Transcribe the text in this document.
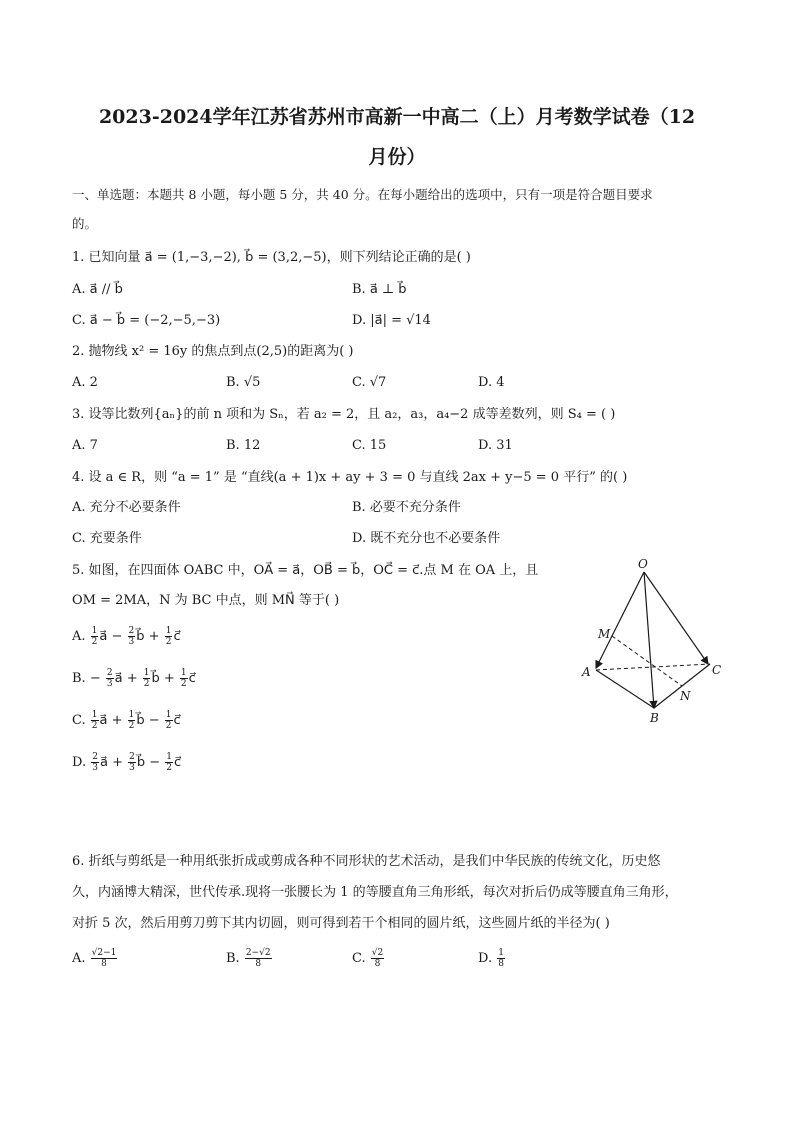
2023-2024学年江苏省苏州市高新一中高二（上）月考数学试卷（12
月份）
一、单选题：本题共 8 小题，每小题 5 分，共 40 分。在每小题给出的选项中，只有一项是符合题目要求
的。
1. 已知向量 a⃗ = (1,−3,−2), b⃗ = (3,2,−5)，则下列结论正确的是( )
A. a⃗ // b⃗	B. a⃗ ⊥ b⃗
C. a⃗ − b⃗ = (−2,−5,−3)	D. |a⃗| = √14
2. 抛物线 x² = 16y 的焦点到点(2,5)的距离为( )
A. 2	B. √5	C. √7	D. 4
3. 设等比数列{aₙ}的前 n 项和为 Sₙ，若 a₂ = 2，且 a₂，a₃，a₄−2 成等差数列，则 S₄ = ( )
A. 7	B. 12	C. 15	D. 31
4. 设 a ∈ R，则 “a = 1” 是 “直线(a + 1)x + ay + 3 = 0 与直线 2ax + y−5 = 0 平行” 的( )
A. 充分不必要条件	B. 必要不充分条件
C. 充要条件	D. 既不充分也不必要条件
5. 如图，在四面体 OABC 中，OA⃗ = a⃗，OB⃗ = b⃗，OC⃗ = c⃗.点 M 在 OA 上，且
OM = 2MA，N 为 BC 中点，则 MN⃗ 等于( )
A. $\frac{1}{2}$ a⃗ − $\frac{2}{3}$ b⃗ + $\frac{1}{2}$ c⃗
B. − $\frac{2}{3}$ a⃗ + $\frac{1}{2}$ b⃗ + $\frac{1}{2}$ c⃗
C. $\frac{1}{2}$ a⃗ + $\frac{1}{2}$ b⃗ − $\frac{1}{2}$ c⃗
D. $\frac{2}{3}$ a⃗ + $\frac{2}{3}$ b⃗ − $\frac{1}{2}$ c⃗
O
M
A
B
C
N
6. 折纸与剪纸是一种用纸张折成或剪成各种不同形状的艺术活动，是我们中华民族的传统文化，历史悠
久，内涵博大精深，世代传承.现将一张腰长为 1 的等腰直角三角形纸，每次对折后仍成等腰直角三角形，
对折 5 次，然后用剪刀剪下其内切圆，则可得到若干个相同的圆片纸，这些圆片纸的半径为( )
A. $\frac{√2-1}{8}$	B. $\frac{2-√2}{8}$	C. $\frac{√2}{8}$	D. $\frac{1}{8}$
